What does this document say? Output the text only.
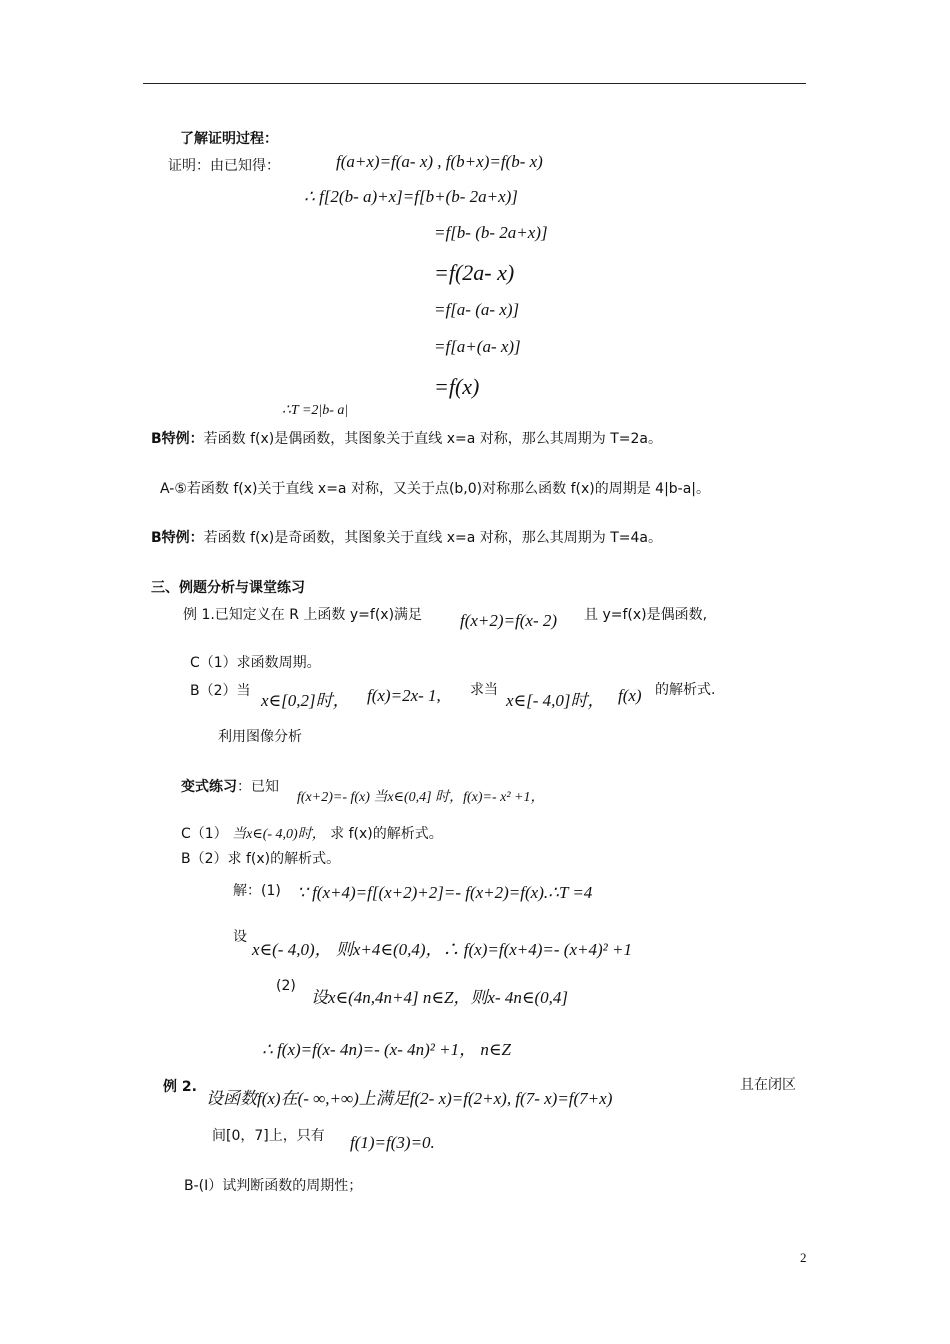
了解证明过程：
证明：由已知得：	f(a+x)=f(a- x) , f(b+x)=f(b- x)
∴ f[2(b- a)+x]=f[b+(b- 2a+x)]
=f[b- (b- 2a+x)]
=f(2a- x)
=f[a- (a- x)]
=f[a+(a- x)]
=f(x)
∴T =2|b- a|
B特例：若函数 f(x)是偶函数，其图象关于直线 x=a 对称，那么其周期为 T=2a。
A-⑤若函数 f(x)关于直线 x=a 对称，又关于点(b,0)对称那么函数 f(x)的周期是 4|b-a|。
B特例：若函数 f(x)是奇函数，其图象关于直线 x=a 对称，那么其周期为 T=4a。
三、例题分析与课堂练习
例 1.已知定义在 R 上函数 y=f(x)满足 f(x+2)=f(x- 2) 且 y=f(x)是偶函数,
C（1）求函数周期。
B（2）当 x∈[0,2]时， f(x)=2x- 1, 求当
x∈[- 4,0]时， f(x) 的解析式.
利用图像分析
变式练习：已知
f(x+2)=- f(x) 当x∈(0,4] 时，f(x)=- x² +1，
C（1） 当x∈(- 4,0)时， 求 f(x)的解析式。
B（2）求 f(x)的解析式。
解：(1) ∵ f(x+4)=f[(x+2)+2]=- f(x+2)=f(x).∴T =4
设
x∈(- 4,0)， 则x+4∈(0,4)，∴ f(x)=f(x+4)=- (x+4)² +1
(2)
设x∈(4n,4n+4] n∈Z，则x- 4n∈(0,4]
∴ f(x)=f(x- 4n)=- (x- 4n)² +1， n∈Z
例 2.
设函数f(x)在(- ∞,+∞)上满足f(2- x)=f(2+x), f(7- x)=f(7+x)
且在闭区
间[0，7]上，只有 f(1)=f(3)=0.
B-(Ⅰ）试判断函数的周期性；
2
